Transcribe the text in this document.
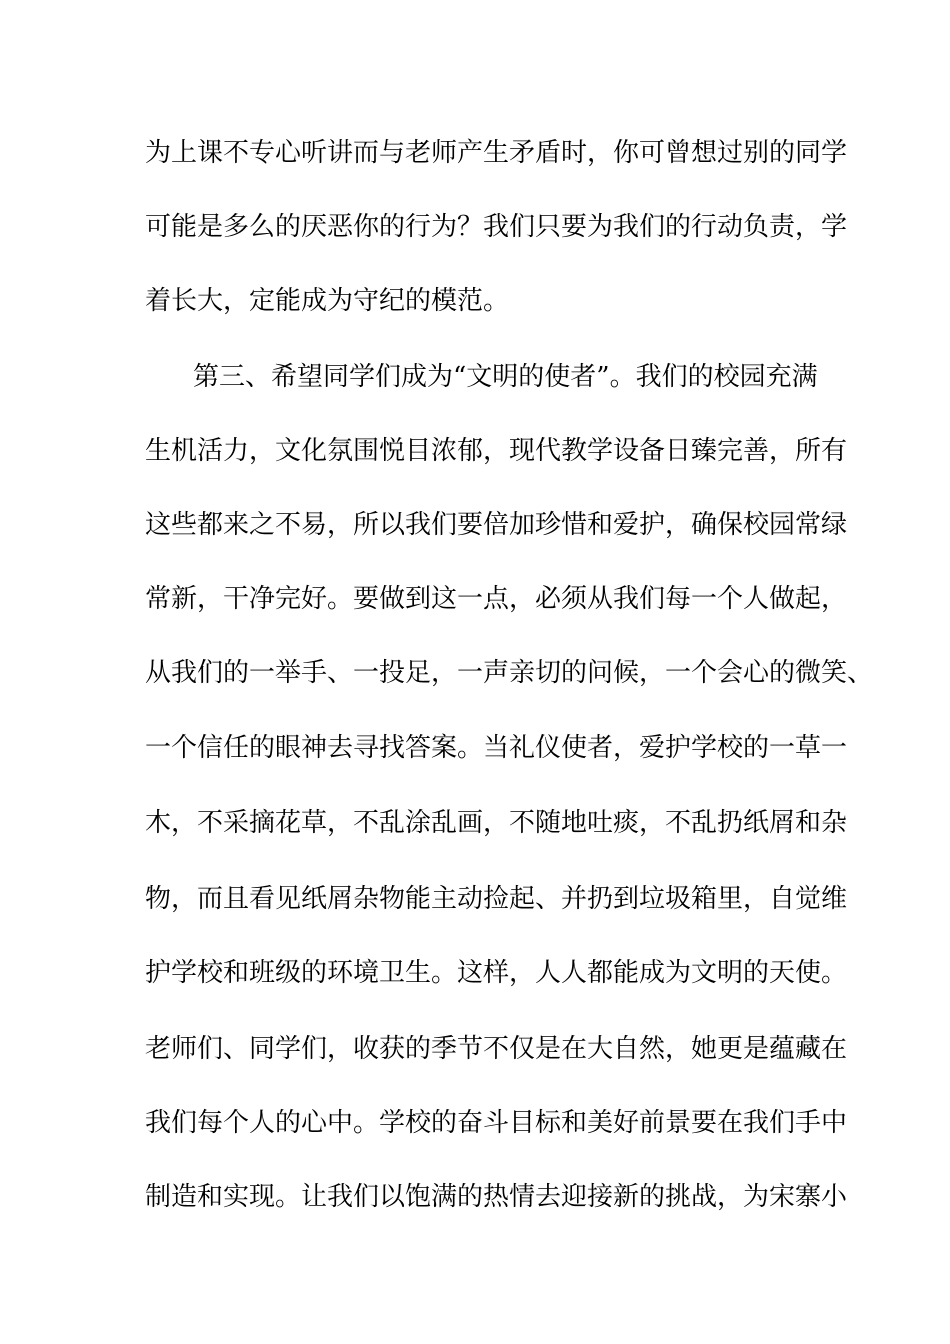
为上课不专心听讲而与老师产生矛盾时，你可曾想过别的同学
可能是多么的厌恶你的行为？我们只要为我们的行动负责，学
着长大，定能成为守纪的模范。
第三、希望同学们成为“文明的使者”。我们的校园充满
生机活力，文化氛围悦目浓郁，现代教学设备日臻完善，所有
这些都来之不易，所以我们要倍加珍惜和爱护，确保校园常绿
常新，干净完好。要做到这一点，必须从我们每一个人做起，
从我们的一举手、一投足，一声亲切的问候，一个会心的微笑、
一个信任的眼神去寻找答案。当礼仪使者，爱护学校的一草一
木，不采摘花草，不乱涂乱画，不随地吐痰，不乱扔纸屑和杂
物，而且看见纸屑杂物能主动捡起、并扔到垃圾箱里，自觉维
护学校和班级的环境卫生。这样，人人都能成为文明的天使。
老师们、同学们，收获的季节不仅是在大自然，她更是蕴藏在
我们每个人的心中。学校的奋斗目标和美好前景要在我们手中
制造和实现。让我们以饱满的热情去迎接新的挑战，为宋寨小
